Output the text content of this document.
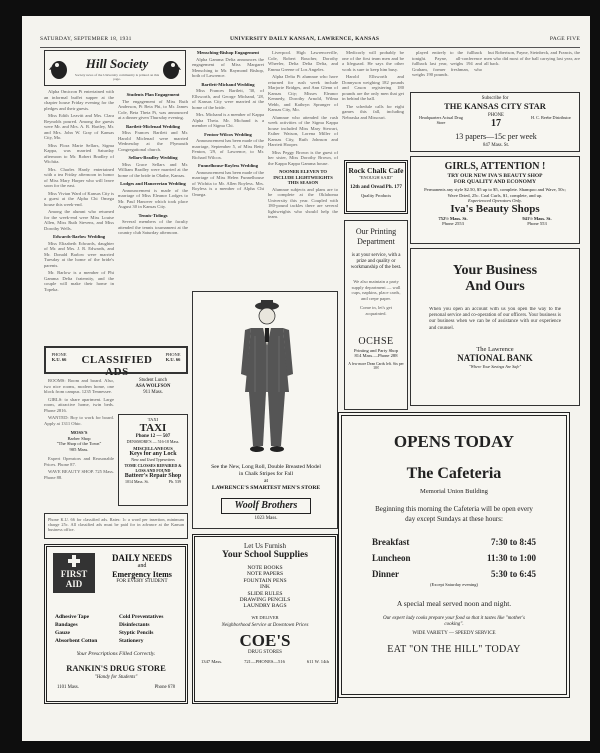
SATURDAY, SEPTEMBER 18, 1931	UNIVERSITY DAILY KANSAN, LAWRENCE, KANSAS	PAGE FIVE
Hill Society
Society news of the University community is printed on this page.

Alpha Omicron Pi entertained with an informal buffet supper at the chapter house Friday evening for the pledges and their guests.

Miss Edith Leavitt and Mrs. Clara Reynolds poured. Among the guests were Mr. and Mrs. A. B. Hartley, Mr. and Mrs. John W. Gray of Kansas City, Mo.

Miss Flora Marie Sellars, Sigma Kappa, was married Saturday afternoon to Mr. Robert Bradley of Wichita.

Mrs. Charles Hardy entertained with a tea Friday afternoon in honor of Miss Mary Harper who will leave soon for the east.

Miss Vivian Ward of Kansas City is a guest at the Alpha Chi Omega house this week-end.

Among the alumni who returned for the week-end were Miss Louise Allen, Miss Ruth Stevens, and Miss Dorothy Wells.

Edwards-Barlow Wedding

Miss Elizabeth Edwards, daughter of Mr. and Mrs. J. R. Edwards, and Mr. Donald Barlow were married Tuesday at the home of the bride's parents.

Mr. Barlow is a member of Phi Gamma Delta fraternity, and the couple will make their home in Topeka.

Students Plan Engagement

The engagement of Miss Ruth Anderson, Pi Beta Phi, to Mr. James Cole, Beta Theta Pi, was announced at a dinner given Thursday evening.

Bartlett-Miclenad Wedding

Miss Frances Bartlett and Mr. Harold Miclenad were married Wednesday at the Plymouth Congregational church.

Sellars-Bradley Wedding

Miss Grace Sellars and Mr. William Bradley were married at the home of the bride in Olathe, Kansas.

Lodges and Hanoverian Wedding

Announcement is made of the marriage of Miss Eleanor Lodges to Mr. Paul Hanover which took place August 30 in Kansas City.

Tennis-Tidings

Several members of the faculty attended the tennis tournament at the country club Saturday afternoon.

PHONE
K.U. 66	CLASSIFIED ADS
PHONE
K.U. 66

ROOMS: Room and board. Also, two nice rooms, modern home, one block from campus. 1235 Tennessee.

GIRLS: to share apartment. Large room, attractive home, twin beds. Phone 2816.

WANTED: Boy to work for board. Apply at 1311 Ohio.

MOSS'S
Barber Shop
"The Shop of the Town"
905 Mass.

Expert Operators and Reasonable Prices. Phone 87.

WAVE BEAUTY SHOP. 725 Mass. Phone 88.

Student Lunch
ASA WOLFSON
911 Mass.
TAXI
TAXI
Phone 12 — 507
DENSMORE'S — 516-18 Mass.
MISCELLANEOUS
Keys for any Lock
New and Used Typewriters
TOME CLOSSES REPAIRED & LOSS AND FOUND
Batteer's Repair Shop
1014 Mass. St.	Ph. 539
Phone K.U. 66 for classified ads. Rates: 1c a word per insertion, minimum charge 25c. All classified ads must be paid for in advance at the Kansan business office.
FIRST AID
DAILY NEEDS
and
Emergency Items
FOR EVERY STUDENT
Adhesive Tape
Bandages
Gauze
Absorbent Cotton
Cold Preventatives
Disinfectants
Styptic Pencils
Stationery
Your Prescriptions Filled Correctly.
RANKIN'S DRUG STORE
"Handy for Students"
1101 Mass.	Phone 678
Mensching-Bishop Engagement

Alpha Gamma Delta announces the engagement of Miss Margaret Mensching to Mr. Raymond Bishop, both of Lawrence.

Bartlett-Michand Wedding

Miss Frances Bartlett, '30, of Ellsworth, and George Michand, '28, of Kansas City were married at the home of the bride.

Mrs. Michand is a member of Kappa Alpha Theta. Mr. Michand is a member of Sigma Chi.

Fenton-Wilcox Wedding

Announcement has been made of the marriage, September 5, of Miss Betty Fenton, '29, of Lawrence, to Mr. Richard Wilcox.

Funnelhouse-Royless Wedding

Announcement has been made of the marriage of Miss Helen Funnelhouse of Wichita to Mr. Allen Royless. Mrs. Royless is a member of Alpha Chi Omega.

Liverpool. High Lawrenceville, Cole, Robert Boucher, Dorothy Wheeler, Delta Delta Delta, and Emma Greene of Los Angeles.

Alpha Delta Pi alumnae who have returned for rush week include Marjorie Bridges, and Ann Glenn of Kansas City; Misses Eleanor Kennedy, Dorothy Arnold, Wilma Webb, and Kathryn Spranger of Kansas City, Mo.

Alumnae who attended the rush week activities of the Sigma Kappa house included Miss Mary Stewart, Esther Watson, Lorena Miller of Kansas City, Ruth Johnson and Harriett Hooper.

Miss Peggy Brown is the guest of her sister, Miss Dorothy Brown, of the Kappa Kappa Gamma house.

NOONER ELEVEN TO INCLUDE LIGHTWEIGHTS THIS SEASON

Alumnae subjects and plans are to be complete at the Oklahoma University this year. Coupled with 180-pound tackles there are several lightweights who should help the team.

See the New, Long Roll, Double Breasted Model
in Chalk Stripes for Fall
at
LAWRENCE'S SMARTEST MEN'S STORE
Woolf Brothers
1023 Mass.
Let Us Furnish
Your School Supplies
NOTE BOOKS
NOTE PAPERS
FOUNTAIN PENS
INK
SLIDE RULES
DRAWING PENCILS
LAUNDRY BAGS
WE DELIVER
Neighborhood Service at Downtown Prices
COE'S
DRUG STORES
1347 Mass.	721—PHONES—516	611 W. 14th

Medicorly will probably be one of the first team men and be a lifeguard. He says the other work is sure to keep him busy.

Harold Ellsworth and Donnyson weighing 182 pounds and Cason registering 180 pounds are the only men that get in behind the ball.

The schedule calls for eight games this fall, including Nebraska and Missouri.

Rock Chalk Cafe
"ENOUGH SAID"
12th and Oread Ph. 177
Quality Products
Our Printing Department
is at your service, with a prize and quality or workmanship of the best.
We also maintain a party supply department — wall cups, napkins, place cards, and crepe paper.
Come in, let's get acquainted.
OCHSE
Printing and Party Shop
814 Mass.—Phone 288
A few more Dean Cards left. Six per 10¢

played entirely to the fullback tonight. Payne, all-conference fullback last year, weighs 194 and Graham, former freshman, who weighs 190 pounds.

but Robertson, Payne, Steinbeck, and Francis, the men who did most of the ball carrying last year, are all back.

Subscribe for
THE KANSAS CITY STAR
Headquarters Actual Drug Store
PHONE
17
H. C. Beebe Distributor
13 papers—15c per week
847 Mass. St.
GIRLS, ATTENTION !
TRY OUR NEW IVA'S BEAUTY SHOP
FOR QUALITY AND ECONOMY
Permanents any style $2.50, $5 up to $5, complete. Shampoo and Wave, 50c; Wave Dried, 25c. Coal Curls, $1, complete, and up.
Experienced Operators Only.
Iva's Beauty Shops
752½ Mass. St.
Phone 2553
941½ Mass. St.
Phone 553
Your Business
And Ours
When you open an account with us you open the way to the personal service and co-operation of our officers. Your business is our business when we can be of assistance with our experience and counsel.
The Lawrence
NATIONAL BANK
"Where Your Savings Are Safe"
OPENS TODAY
The Cafeteria
Memorial Union Building
Beginning this morning the Cafeteria will be open every day except Sundays at these hours:
Breakfast	7:30 to 8:45
Luncheon	11:30 to 1:00
Dinner	5:30 to 6:45
(Except Saturday evening)
A special meal served noon and night.
Our expert lady cooks prepare your food so that it tastes like "mother's cooking".
WIDE VARIETY — SPEEDY SERVICE
EAT "ON THE HILL" TODAY
